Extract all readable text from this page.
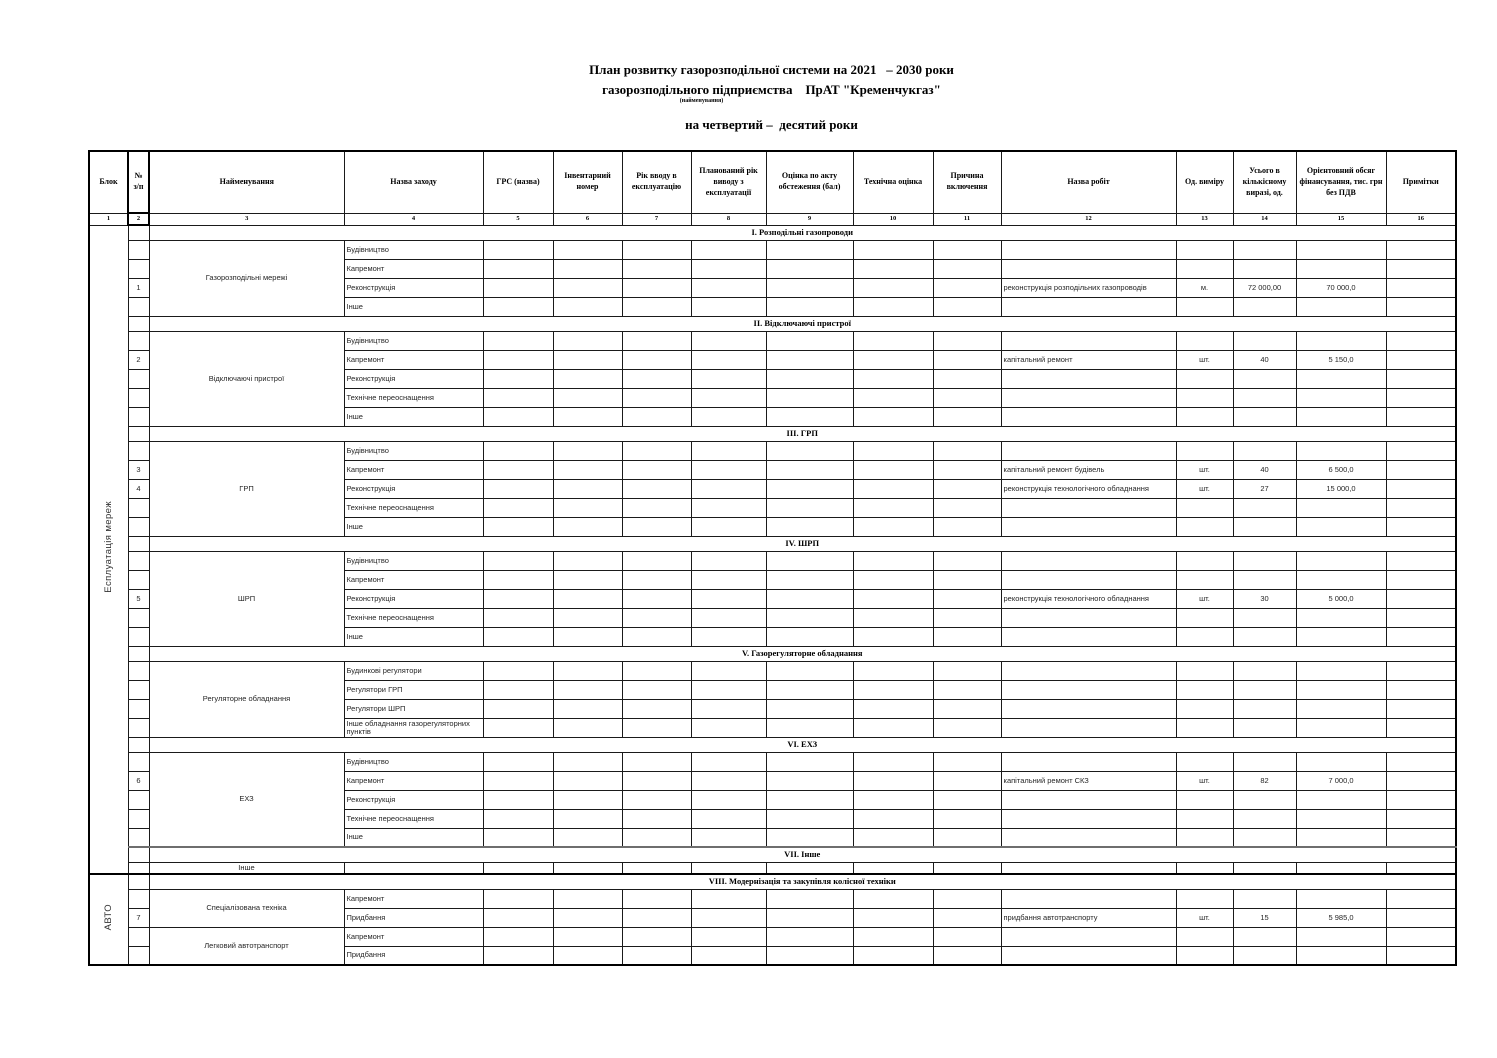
План розвитку газорозподільної системи на 2021   – 2030 роки
газорозподільного підприємства    ПрАТ "Кременчукгаз"
(найменування)
на четвертий –  десятий роки
Блок	№ з/п	Найменування	Назва заходу	ГРС (назва)	Інвентарний номер	Рік вводу в експлуатацію	Планований рік виводу з експлуатації	Оцінка по акту обстеження (бал)	Технічна оцінка	Причина включення	Назва робіт	Од. виміру	Усього в кількісному виразі, од.	Орієнтовний обсяг фінансування, тис. грн без ПДВ	Примітки
1	2	3	4	5	6	7	8	9	10	11	12	13	14	15	16
Есплуатація мереж		I. Розподільні газопроводи													
		Газорозподільні мережі	Будівництво												
			Капремонт												
	1		Реконструкція								реконструкція розподільних газопроводів	м.	72 000,00	70 000,0	
			Інше												
		II. Відключаючі пристрої													
		Відключаючі пристрої	Будівництво												
	2		Капремонт								капітальний ремонт	шт.	40	5 150,0	
			Реконструкція												
			Технічне переоснащення												
			Інше												
		III. ГРП													
		ГРП	Будівництво												
	3		Капремонт								капітальний ремонт будівель	шт.	40	6 500,0	
	4		Реконструкція								реконструкція технологічного обладнання	шт.	27	15 000,0	
			Технічне переоснащення												
			Інше												
		IV. ШРП													
		ШРП	Будівництво												
			Капремонт												
	5		Реконструкція								реконструкція технологічного обладнання	шт.	30	5 000,0	
			Технічне переоснащення												
			Інше												
		V. Газорегуляторне обладнання													
		Регуляторне обладнання	Будинкові регулятори												
			Регулятори ГРП												
			Регулятори ШРП												
			Інше обладнання газорегуляторних пунктів												
		VI. ЕХЗ													
		ЕХЗ	Будівництво												
	6		Капремонт								капітальний ремонт СКЗ	шт.	82	7 000,0	
			Реконструкція												
			Технічне переоснащення												
			Інше												
		VII. Інше													
		Інше													
АВТО		VIII. Модернізація та закупівля колісної техніки													
		Спеціалізована техніка	Капремонт												
	7		Придбання								придбання автотранспорту	шт.	15	5 985,0	
		Легковий автотранспорт	Капремонт												
			Придбання												
